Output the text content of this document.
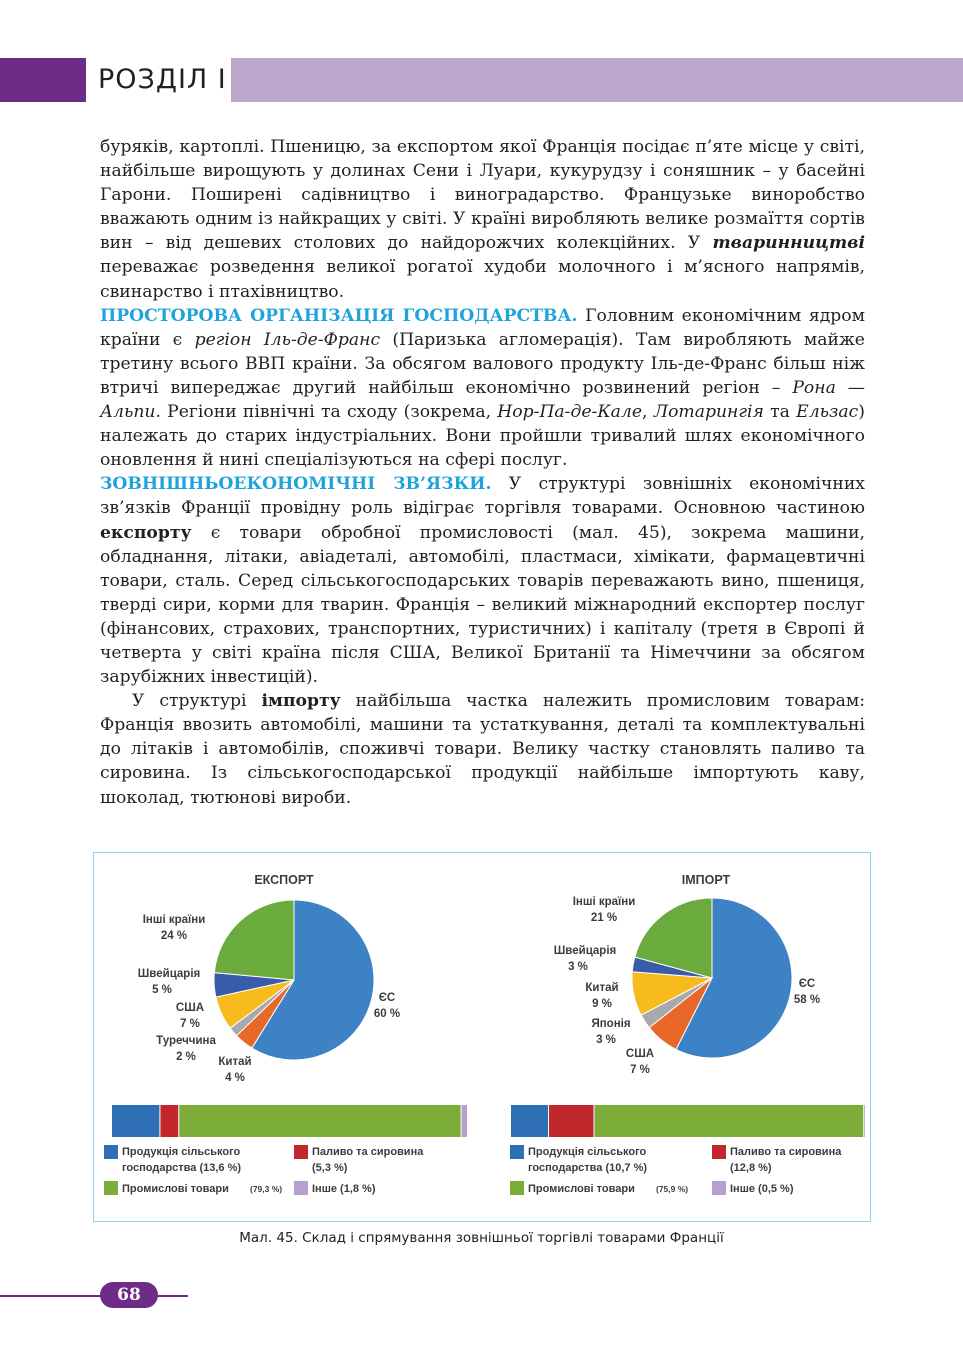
РОЗДІЛ І

буряків, картоплі. Пшеницю, за експортом якої Франція посідає п’яте місце у світі, найбільше вирощують у долинах Сени і Луари, кукурудзу і соняшник – у басейні Гарони. Поширені садівництво і виноградарство. Французьке виноробство вважають одним із найкращих у світі. У країні виробляють велике розмаїття сортів вин – від дешевих столових до найдорожчих колекційних. У тваринництві переважає розведення великої рогатої худоби молочного і м’ясного напрямів, свинарство і птахівництво.

ПРОСТОРОВА ОРГАНІЗАЦІЯ ГОСПОДАРСТВА. Головним економічним ядром країни є регіон Іль-де-Франс (Паризька агломерація). Там виробляють майже третину всього ВВП країни. За обсягом валового продукту Іль-де-Франс більш ніж втричі випереджає другий найбільш економічно розвинений регіон – Рона — Альпи. Регіони північні та сходу (зокрема, Нор-Па-де-Кале, Лотарингія та Ельзас) належать до старих індустріальних. Вони пройшли тривалий шлях економічного оновлення й нині спеціалізуються на сфері послуг.

ЗОВНІШНЬОЕКОНОМІЧНІ ЗВ’ЯЗКИ. У структурі зовнішніх економічних зв’язків Франції провідну роль відіграє торгівля товарами. Основною частиною експорту є товари обробної промисловості (мал. 45), зокрема машини, обладнання, літаки, авіадеталі, автомобілі, пластмаси, хімікати, фармацевтичні товари, сталь. Серед сільськогосподарських товарів переважають вино, пшениця, тверді сири, корми для тварин. Франція – великий міжнародний експортер послуг (фінансових, страхових, транспортних, туристичних) і капіталу (третя в Європі й четверта у світі країна після США, Великої Британії та Німеччини за обсягом зарубіжних інвестицій).

У структурі імпорту найбільша частка належить промисловим товарам: Франція ввозить автомобілі, машини та устаткування, деталі та комплектувальні до літаків і автомобілів, споживчі товари. Велику частку становлять паливо та сировина. Із сільськогосподарської продукції найбільше імпортують каву, шоколад, тютюнові вироби.

ЕКСПОРТ
Інші країни
24 %
Швейцарія
5 %
США
7 %
Туреччина
2 % Китай
4 %
ЄС
60 %
ІМПОРТ
Інші країни
21 %
Швейцарія
3 %
Китай
9 %
Японія
3 %
США
7 %
ЄС
58 %
Продукція сільського
господарства (13,6 %)
Паливо та сировина
(5,3 %)
Промислові товари (79,3 %)	Інше (1,8 %)
Продукція сільського
господарства (10,7 %)
Паливо та сировина
(12,8 %)
Промислові товари (75,9 %)	Інше (0,5 %)
Мал. 45. Склад і спрямування зовнішньої торгівлі товарами Франції
68
